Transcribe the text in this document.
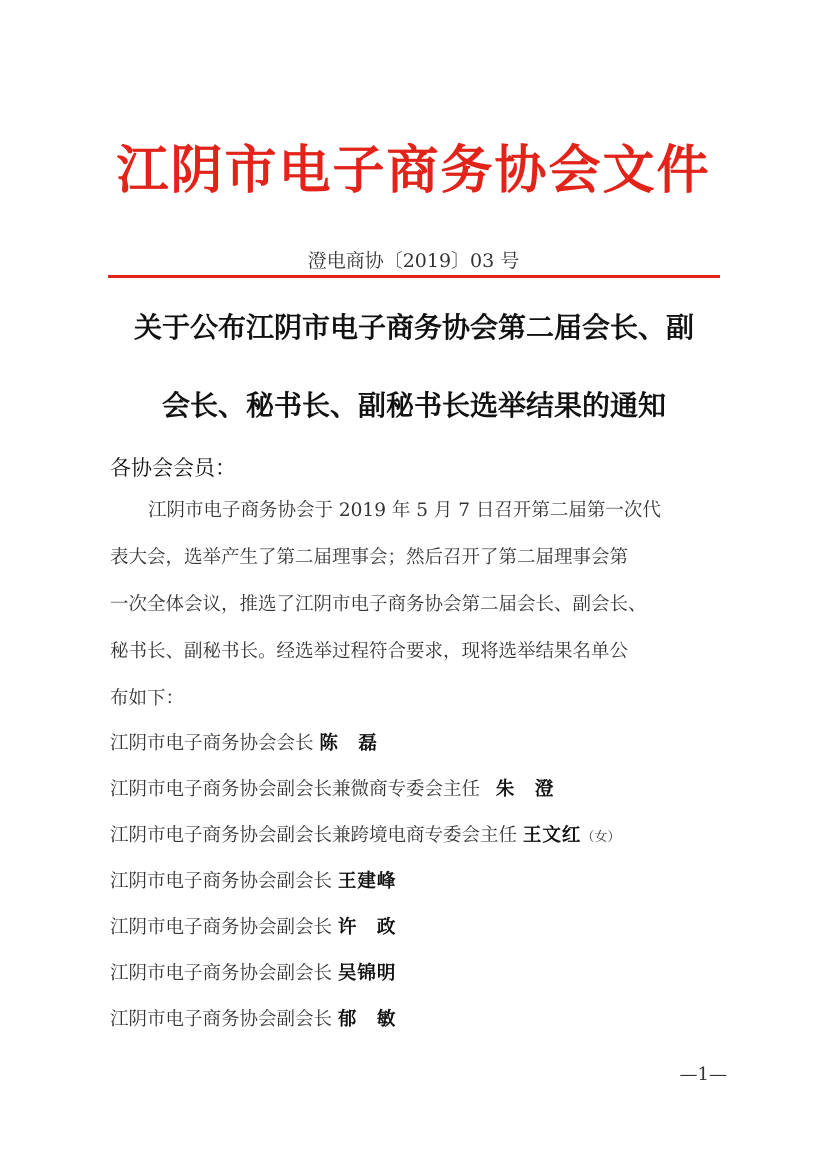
江阴市电子商务协会文件
澄电商协〔2019〕03 号
关于公布江阴市电子商务协会第二届会长、副
会长、秘书长、副秘书长选举结果的通知
各协会会员：
江阴市电子商务协会于 2019 年 5 月 7 日召开第二届第一次代
表大会，选举产生了第二届理事会；然后召开了第二届理事会第
一次全体会议，推选了江阴市电子商务协会第二届会长、副会长、
秘书长、副秘书长。经选举过程符合要求，现将选举结果名单公
布如下：
江阴市电子商务协会会长 陈　磊
江阴市电子商务协会副会长兼微商专委会主任 朱　澄
江阴市电子商务协会副会长兼跨境电商专委会主任 王文红（女）
江阴市电子商务协会副会长 王建峰
江阴市电子商务协会副会长 许　政
江阴市电子商务协会副会长 吴锦明
江阴市电子商务协会副会长 郁　敏
—1—
